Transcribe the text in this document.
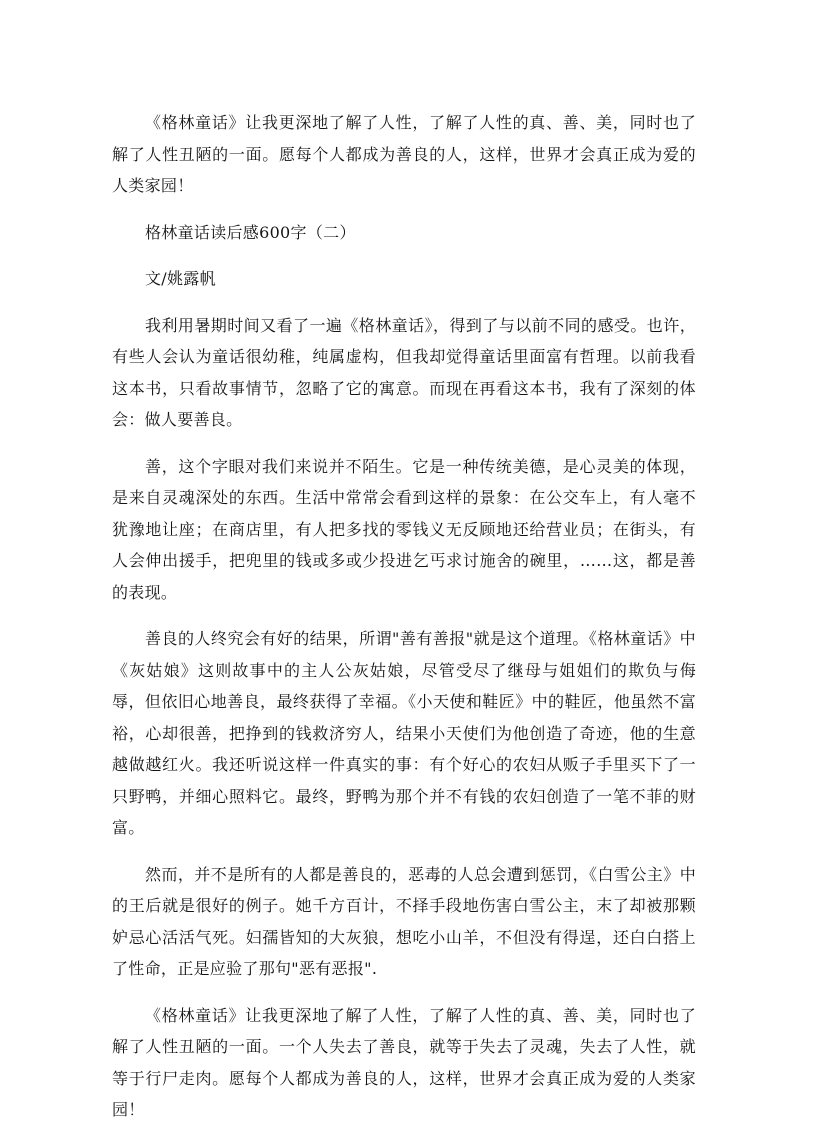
《格林童话》让我更深地了解了人性，了解了人性的真、善、美，同时也了解了人性丑陋的一面。愿每个人都成为善良的人，这样，世界才会真正成为爱的人类家园！

格林童话读后感600字（二）

文/姚露帆

我利用暑期时间又看了一遍《格林童话》，得到了与以前不同的感受。也许，有些人会认为童话很幼稚，纯属虚构，但我却觉得童话里面富有哲理。以前我看这本书，只看故事情节，忽略了它的寓意。而现在再看这本书，我有了深刻的体会：做人要善良。

善，这个字眼对我们来说并不陌生。它是一种传统美德，是心灵美的体现，是来自灵魂深处的东西。生活中常常会看到这样的景象：在公交车上，有人毫不犹豫地让座；在商店里，有人把多找的零钱义无反顾地还给营业员；在街头，有人会伸出援手，把兜里的钱或多或少投进乞丐求讨施舍的碗里，……这，都是善的表现。

善良的人终究会有好的结果，所谓"善有善报"就是这个道理。《格林童话》中《灰姑娘》这则故事中的主人公灰姑娘，尽管受尽了继母与姐姐们的欺负与侮辱，但依旧心地善良，最终获得了幸福。《小天使和鞋匠》中的鞋匠，他虽然不富裕，心却很善，把挣到的钱救济穷人，结果小天使们为他创造了奇迹，他的生意越做越红火。我还听说这样一件真实的事：有个好心的农妇从贩子手里买下了一只野鸭，并细心照料它。最终，野鸭为那个并不有钱的农妇创造了一笔不菲的财富。

然而，并不是所有的人都是善良的，恶毒的人总会遭到惩罚，《白雪公主》中的王后就是很好的例子。她千方百计，不择手段地伤害白雪公主，末了却被那颗妒忌心活活气死。妇孺皆知的大灰狼，想吃小山羊，不但没有得逞，还白白搭上了性命，正是应验了那句"恶有恶报".

《格林童话》让我更深地了解了人性，了解了人性的真、善、美，同时也了解了人性丑陋的一面。一个人失去了善良，就等于失去了灵魂，失去了人性，就等于行尸走肉。愿每个人都成为善良的人，这样，世界才会真正成为爱的人类家园！
